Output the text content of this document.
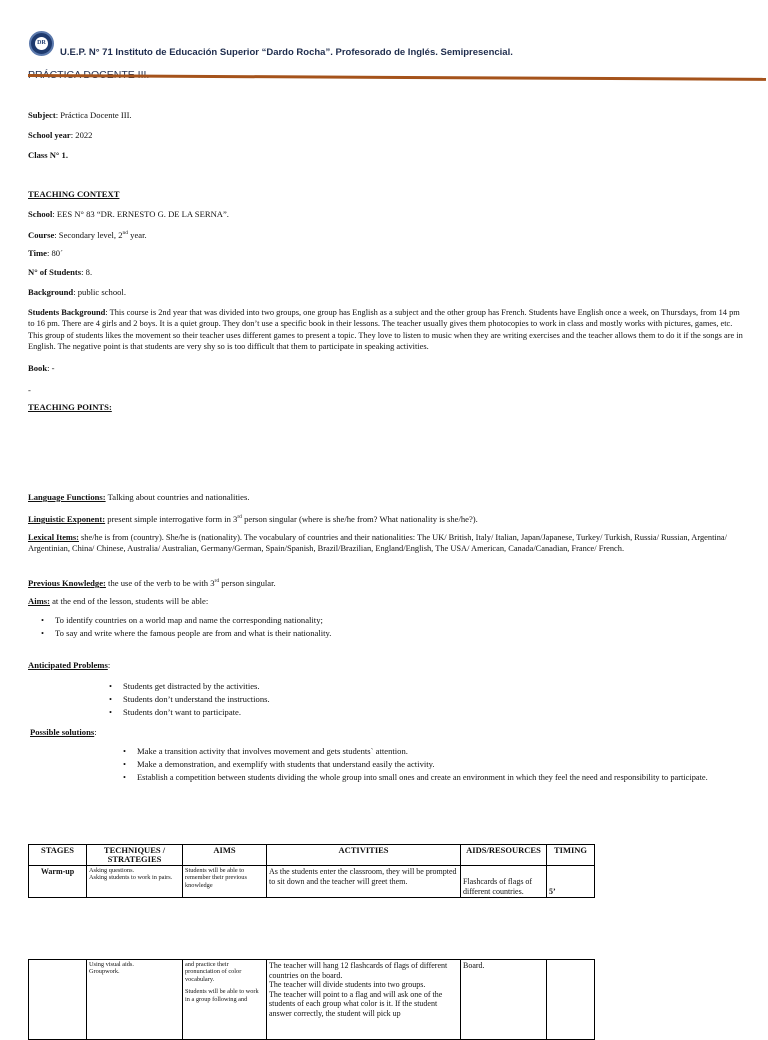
DR
U.E.P. N° 71 Instituto de Educación Superior “Dardo Rocha”. Profesorado de Inglés. Semipresencial.
Subject: Práctica Docente III.
School year: 2022
Class N° 1.
TEACHING CONTEXT
School: EES N° 83 “DR. ERNESTO G. DE LA SERNA”.
Course: Secondary level, 2nd year.
Time: 80´
N° of Students: 8.
Background: public school.
Students Background: This course is 2nd year that was divided into two groups, one group has English as a subject and the other group has French. Students have English once a week, on Thursdays, from 14 pm to 16 pm. There are 4 girls and 2 boys. It is a quiet group. They don’t use a specific book in their lessons. The teacher usually gives them photocopies to work in class and mostly works with pictures, games, etc. This group of students likes the movement so their teacher uses different games to present a topic. They love to listen to music when they are writing exercises and the teacher allows them to do it if the songs are in English. The negative point is that students are very shy so is too difficult that them to participate in speaking activities.
Book: -
-
TEACHING POINTS:
Language Functions: Talking about countries and nationalities.
Linguistic Exponent: present simple interrogative form in 3rd person singular (where is she/he from? What nationality is she/he?).
Lexical Items: she/he is from (country). She/he is (nationality). The vocabulary of countries and their nationalities: The UK/ British, Italy/ Italian, Japan/Japanese, Turkey/ Turkish, Russia/ Russian, Argentina/ Argentinian, China/ Chinese, Australia/ Australian, Germany/German, Spain/Spanish, Brazil/Brazilian, England/English, The USA/ American, Canada/Canadian, France/ French.
Previous Knowledge: the use of the verb to be with 3rd person singular.
Aims: at the end of the lesson, students will be able:
• To identify countries on a world map and name the corresponding nationality;
• To say and write where the famous people are from and what is their nationality.
Anticipated Problems:
• Students get distracted by the activities.
• Students don’t understand the instructions.
• Students don’t want to participate.
Possible solutions:
• Make a transition activity that involves movement and gets students` attention.
• Make a demonstration, and exemplify with students that understand easily the activity.
• Establish a competition between students dividing the whole group into small ones and create an environment in which they feel the need and responsibility to participate.
STAGES	TECHNIQUES / STRATEGIES	AIMS	ACTIVITIES	AIDS/RESOURCES	TIMING
Warm-up	Asking questions.
Asking students to work in pairs.	Students will be able to remember their previous knowledge	As the students enter the classroom, they will be prompted to sit down and the teacher will greet them.	Flashcards of flags of different countries.	5’
	Using visual aids.
Groupwork.	
and practice their pronunciation of color vocabulary.
Students will be able to work in a group following and
	The teacher will hang 12 flashcards of flags of different countries on the board.
The teacher will divide students into two groups.
The teacher will point to a flag and will ask one of the students of each group what color is it. If the student answer correctly, the student will pick up	Board.	
